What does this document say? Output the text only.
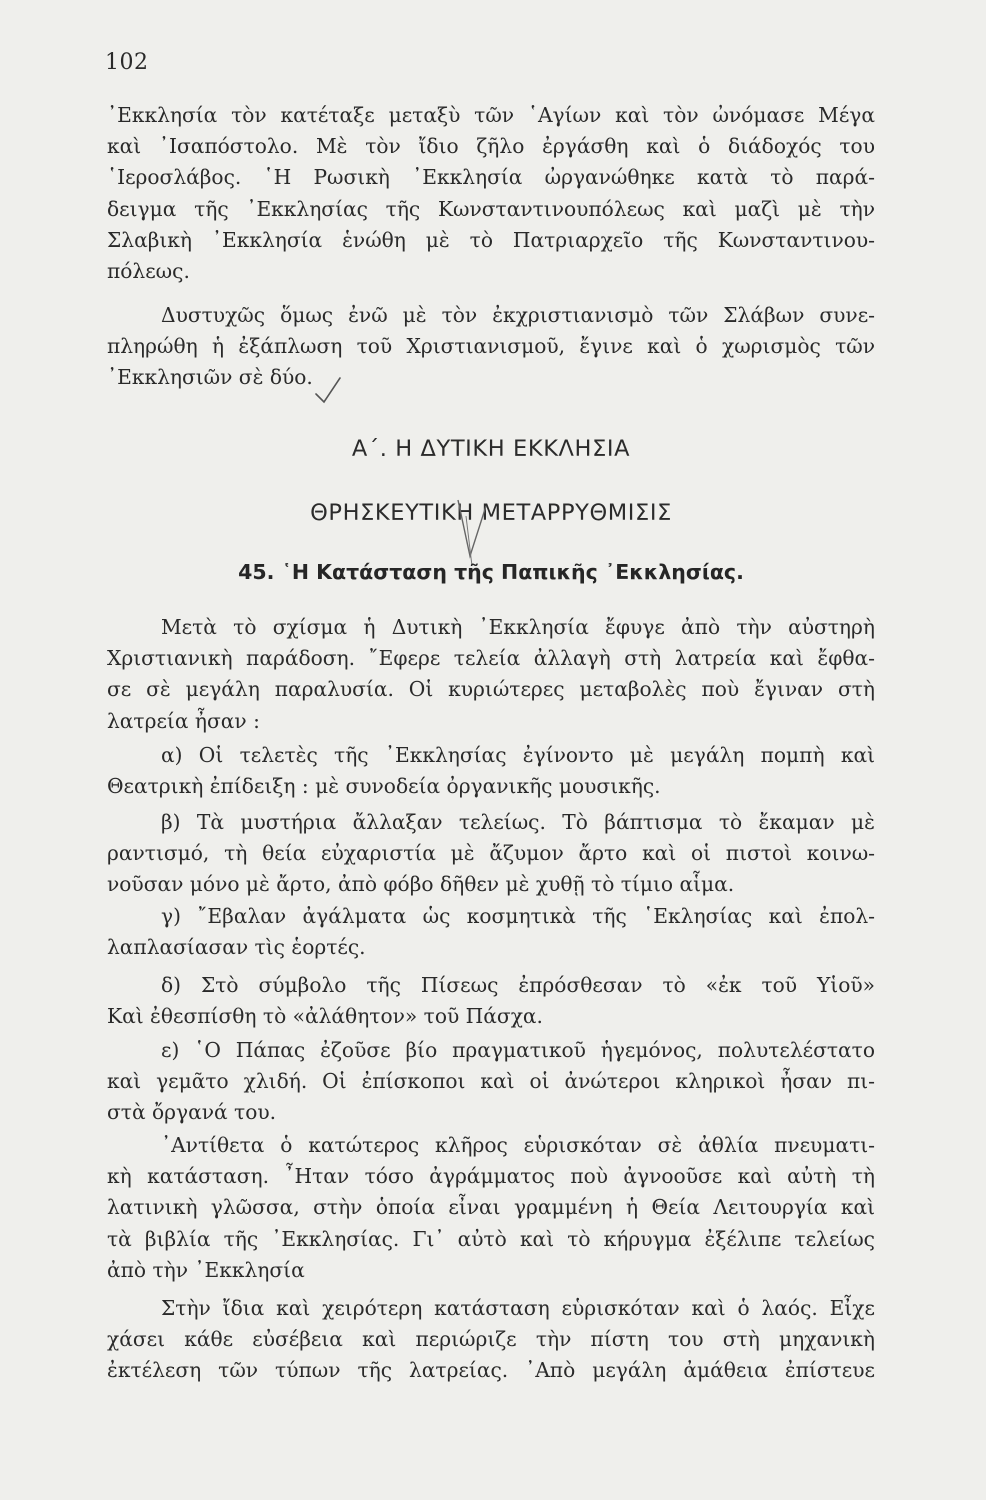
102
᾿Εκκλησία τὸν κατέταξε μεταξὺ τῶν ῾Αγίων καὶ τὸν ὠνόμασε Μέγα
καὶ ᾿Ισαπόστολο. Μὲ τὸν ἴδιο ζῆλο ἐργάσθη καὶ ὁ διάδοχός του
῾Ιεροσλάβος. ῾Η Ρωσικὴ ᾿Εκκλησία ὠργανώθηκε κατὰ τὸ παρά-
δειγμα τῆς ᾿Εκκλησίας τῆς Κωνσταντινουπόλεως καὶ μαζὶ μὲ τὴν
Σλαβικὴ ᾿Εκκλησία ἑνώθη μὲ τὸ Πατριαρχεῖο τῆς Κωνσταντινου-
πόλεως.
Δυστυχῶς ὅμως ἐνῶ μὲ τὸν ἐκχριστιανισμὸ τῶν Σλάβων συνε-
πληρώθη ἡ ἐξάπλωση τοῦ Χριστιανισμοῦ, ἔγινε καὶ ὁ χωρισμὸς τῶν
᾿Εκκλησιῶν σὲ δύο.
Α΄. Η ΔΥΤΙΚΗ ΕΚΚΛΗΣΙΑ
ΘΡΗΣΚΕΥΤΙΚΗ ΜΕΤΑΡΡΥΘΜΙΣΙΣ
45. ῾Η Κατάσταση τῆς Παπικῆς ᾿Εκκλησίας.
Μετὰ τὸ σχίσμα ἡ Δυτικὴ ᾿Εκκλησία ἔφυγε ἀπὸ τὴν αὐστηρὴ
Χριστιανικὴ παράδοση. ῎Εφερε τελεία ἀλλαγὴ στὴ λατρεία καὶ ἔφθα-
σε σὲ μεγάλη παραλυσία. Οἱ κυριώτερες μεταβολὲς ποὺ ἔγιναν στὴ
λατρεία ἦσαν :
α) Οἱ τελετὲς τῆς ᾿Εκκλησίας ἐγίνοντο μὲ μεγάλη πομπὴ καὶ
Θεατρικὴ ἐπίδειξη : μὲ συνοδεία ὀργανικῆς μουσικῆς.
β) Τὰ μυστήρια ἄλλαξαν τελείως. Τὸ βάπτισμα τὸ ἔκαμαν μὲ
ραντισμό, τὴ θεία εὐχαριστία μὲ ἄζυμον ἄρτο καὶ οἱ πιστοὶ κοινω-
νοῦσαν μόνο μὲ ἄρτο, ἀπὸ φόβο δῆθεν μὲ χυθῇ τὸ τίμιο αἷμα.
γ) ῎Εβαλαν ἀγάλματα ὡς κοσμητικὰ τῆς ῾Εκλησίας καὶ ἐπολ-
λαπλασίασαν τὶς ἑορτές.
δ) Στὸ σύμβολο τῆς Πίσεως ἐπρόσθεσαν τὸ «ἐκ τοῦ Υἱοῦ»
Καὶ ἐθεσπίσθη τὸ «ἀλάθητον» τοῦ Πάσχα.
ε) ῾Ο Πάπας ἐζοῦσε βίο πραγματικοῦ ἡγεμόνος, πολυτελέστατο
καὶ γεμᾶτο χλιδή. Οἱ ἐπίσκοποι καὶ οἱ ἀνώτεροι κληρικοὶ ἦσαν πι-
στὰ ὄργανά του.
᾿Αντίθετα ὁ κατώτερος κλῆρος εὑρισκόταν σὲ ἀθλία πνευματι-
κὴ κατάσταση. ῏Ηταν τόσο ἀγράμματος ποὺ ἀγνοοῦσε καὶ αὐτὴ τὴ
λατινικὴ γλῶσσα, στὴν ὁποία εἶναι γραμμένη ἡ Θεία Λειτουργία καὶ
τὰ βιβλία τῆς ᾿Εκκλησίας. Γι᾿ αὐτὸ καὶ τὸ κήρυγμα ἐξέλιπε τελείως
ἀπὸ τὴν ᾿Εκκλησία
Στὴν ἴδια καὶ χειρότερη κατάσταση εὑρισκόταν καὶ ὁ λαός. Εἶχε
χάσει κάθε εὐσέβεια καὶ περιώριζε τὴν πίστη του στὴ μηχανικὴ
ἐκτέλεση τῶν τύπων τῆς λατρείας. ᾿Απὸ μεγάλη ἀμάθεια ἐπίστευε
